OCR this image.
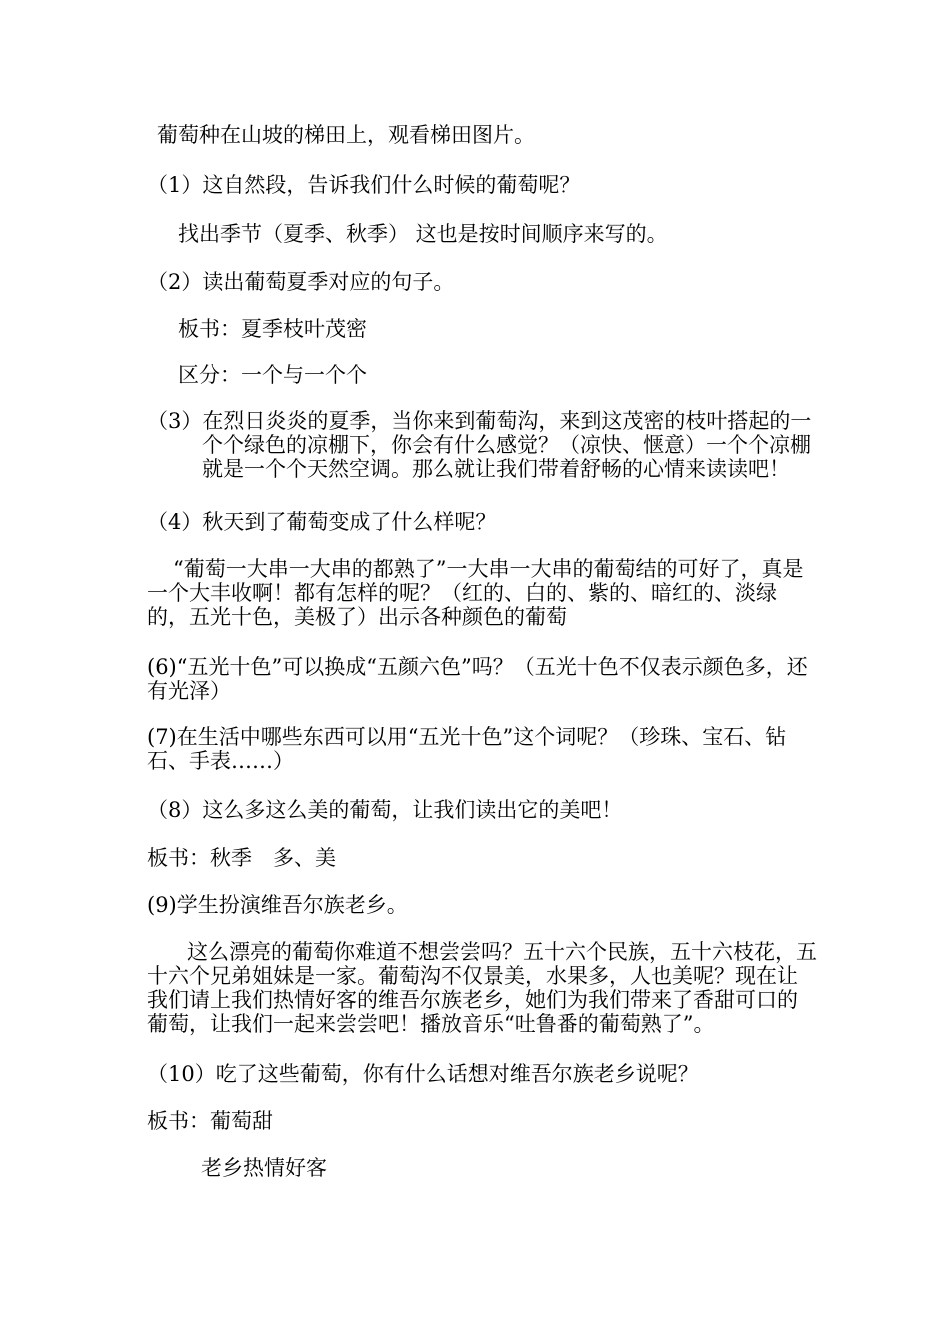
葡萄种在山坡的梯田上，观看梯田图片。

（1）这自然段，告诉我们什么时候的葡萄呢？

找出季节（夏季、秋季） 这也是按时间顺序来写的。

（2）读出葡萄夏季对应的句子。

板书：夏季枝叶茂密

区分：一个与一个个

（3）在烈日炎炎的夏季，当你来到葡萄沟，来到这茂密的枝叶搭起的一个个绿色的凉棚下，你会有什么感觉？（凉快、惬意）一个个凉棚就是一个个天然空调。那么就让我们带着舒畅的心情来读读吧！

（4）秋天到了葡萄变成了什么样呢？

“葡萄一大串一大串的都熟了”一大串一大串的葡萄结的可好了，真是一个大丰收啊！都有怎样的呢？（红的、白的、紫的、暗红的、淡绿的，五光十色，美极了）出示各种颜色的葡萄

(6)“五光十色”可以换成“五颜六色”吗？（五光十色不仅表示颜色多，还有光泽）

(7)在生活中哪些东西可以用“五光十色”这个词呢？（珍珠、宝石、钻石、手表……）

（8）这么多这么美的葡萄，让我们读出它的美吧！

板书：秋季　多、美

(9)学生扮演维吾尔族老乡。

这么漂亮的葡萄你难道不想尝尝吗？五十六个民族，五十六枝花，五十六个兄弟姐妹是一家。葡萄沟不仅景美，水果多，人也美呢？现在让我们请上我们热情好客的维吾尔族老乡，她们为我们带来了香甜可口的葡萄，让我们一起来尝尝吧！播放音乐“吐鲁番的葡萄熟了”。

（10）吃了这些葡萄，你有什么话想对维吾尔族老乡说呢？

板书：葡萄甜

老乡热情好客
